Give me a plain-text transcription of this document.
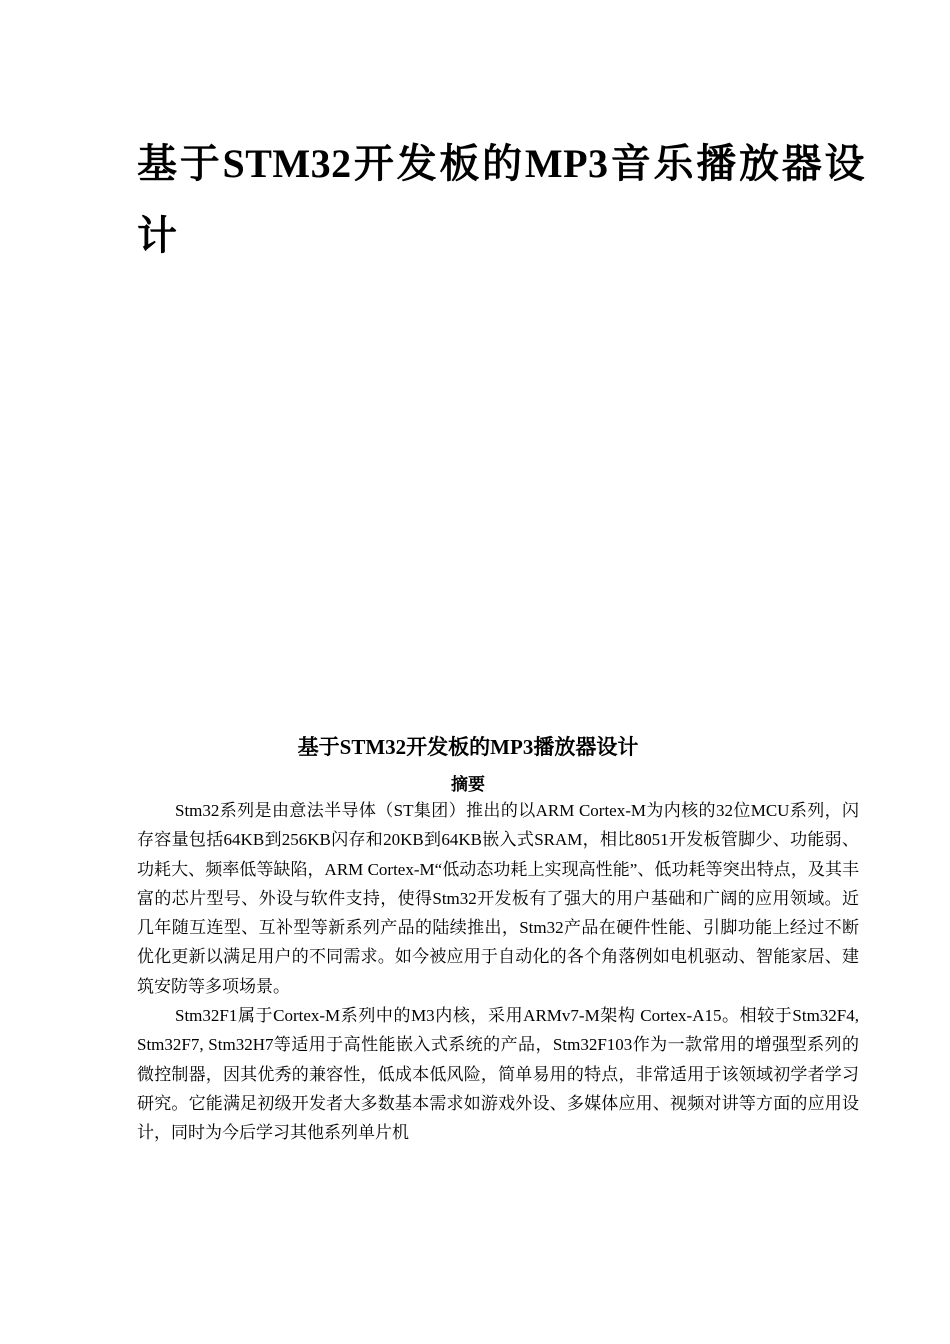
基于STM32开发板的MP3音乐播放器设计
基于STM32开发板的MP3播放器设计
摘要

Stm32系列是由意法半导体（ST集团）推出的以ARM Cortex-M为内核的32位MCU系列，闪存容量包括64KB到256KB闪存和20KB到64KB嵌入式SRAM，相比8051开发板管脚少、功能弱、功耗大、频率低等缺陷，ARM Cortex-M“低动态功耗上实现高性能”、低功耗等突出特点，及其丰富的芯片型号、外设与软件支持，使得Stm32开发板有了强大的用户基础和广阔的应用领域。近几年随互连型、互补型等新系列产品的陆续推出，Stm32产品在硬件性能、引脚功能上经过不断优化更新以满足用户的不同需求。如今被应用于自动化的各个角落例如电机驱动、智能家居、建筑安防等多项场景。

Stm32F1属于Cortex-M系列中的M3内核，采用ARMv7-M架构 Cortex-A15。相较于Stm32F4, Stm32F7, Stm32H7等适用于高性能嵌入式系统的产品，Stm32F103作为一款常用的增强型系列的微控制器，因其优秀的兼容性，低成本低风险，简单易用的特点，非常适用于该领域初学者学习研究。它能满足初级开发者大多数基本需求如游戏外设、多媒体应用、视频对讲等方面的应用设计，同时为今后学习其他系列单片机
